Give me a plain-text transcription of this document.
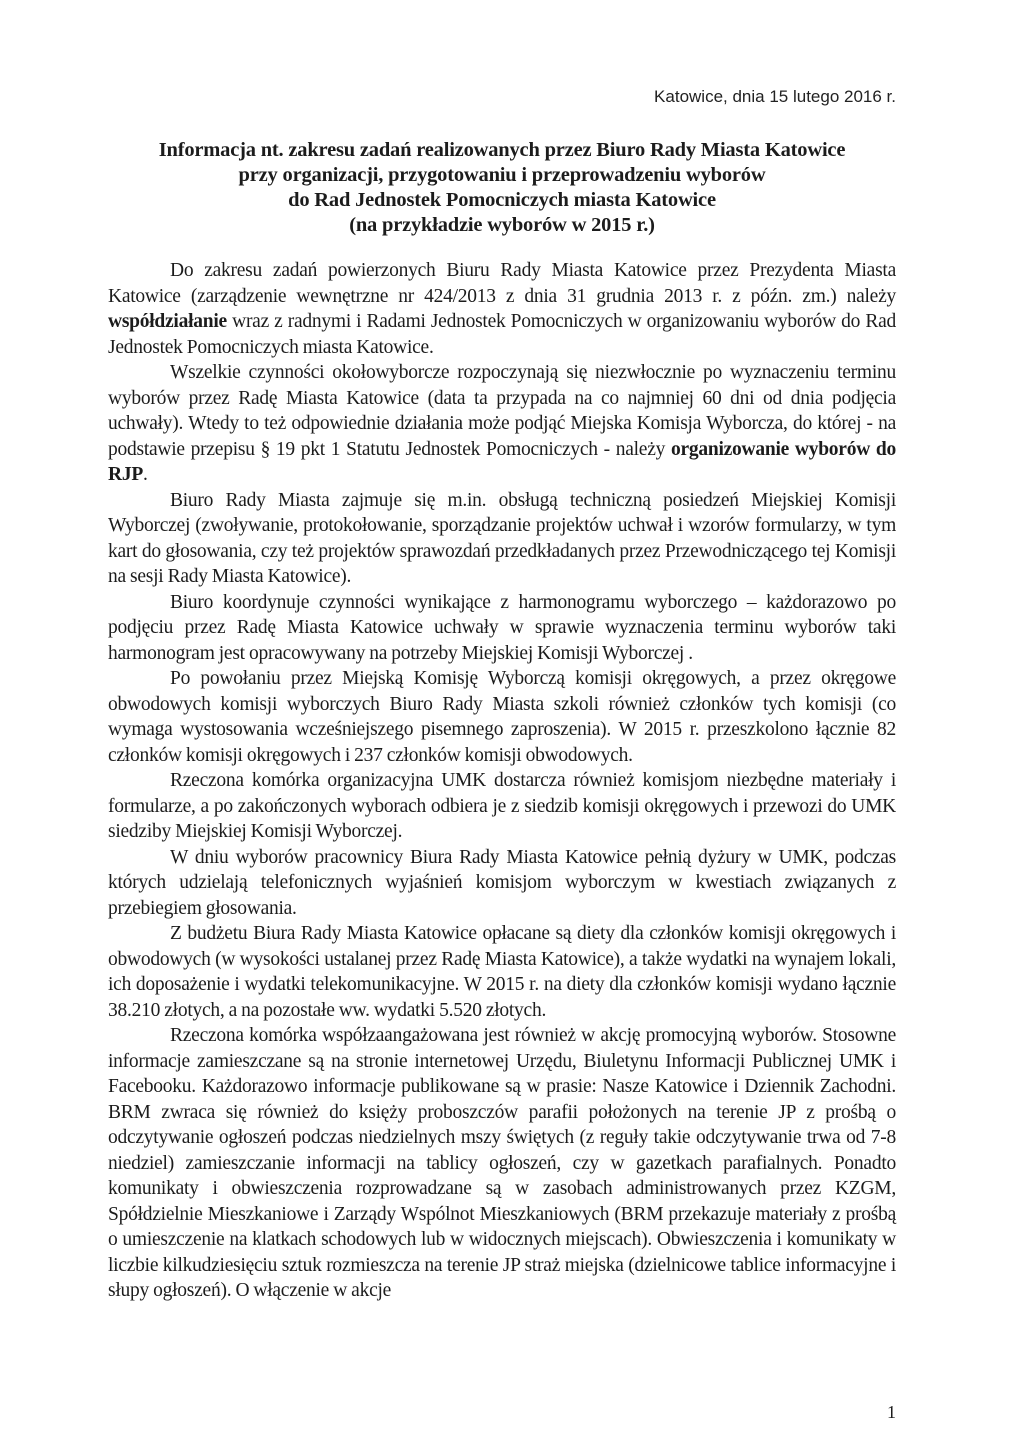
Katowice, dnia 15 lutego 2016 r.
Informacja nt. zakresu zadań realizowanych przez Biuro Rady Miasta Katowice
przy organizacji, przygotowaniu i przeprowadzeniu wyborów
do Rad Jednostek Pomocniczych miasta Katowice
(na przykładzie wyborów w 2015 r.)

Do zakresu zadań powierzonych Biuru Rady Miasta Katowice przez Prezydenta Miasta Katowice (zarządzenie wewnętrzne nr 424/2013 z dnia 31 grudnia 2013 r. z późn. zm.) należy współdziałanie wraz z radnymi i Radami Jednostek Pomocniczych w organizowaniu wyborów do Rad Jednostek Pomocniczych miasta Katowice.

Wszelkie czynności okołowyborcze rozpoczynają się niezwłocznie po wyznaczeniu terminu wyborów przez Radę Miasta Katowice (data ta przypada na co najmniej 60 dni od dnia podjęcia uchwały). Wtedy to też odpowiednie działania może podjąć Miejska Komisja Wyborcza, do której - na podstawie przepisu § 19 pkt 1 Statutu Jednostek Pomocniczych - należy organizowanie wyborów do RJP.

Biuro Rady Miasta zajmuje się m.in. obsługą techniczną posiedzeń Miejskiej Komisji Wyborczej (zwoływanie, protokołowanie, sporządzanie projektów uchwał i wzorów formularzy, w tym kart do głosowania, czy też projektów sprawozdań przedkładanych przez Przewodniczącego tej Komisji na sesji Rady Miasta Katowice).

Biuro koordynuje czynności wynikające z harmonogramu wyborczego – każdorazowo po podjęciu przez Radę Miasta Katowice uchwały w sprawie wyznaczenia terminu wyborów taki harmonogram jest opracowywany na potrzeby Miejskiej Komisji Wyborczej .

Po powołaniu przez Miejską Komisję Wyborczą komisji okręgowych, a przez okręgowe obwodowych komisji wyborczych Biuro Rady Miasta szkoli również członków tych komisji (co wymaga wystosowania wcześniejszego pisemnego zaproszenia). W 2015 r. przeszkolono łącznie 82 członków komisji okręgowych i 237 członków komisji obwodowych.

Rzeczona komórka organizacyjna UMK dostarcza również komisjom niezbędne materiały i formularze, a po zakończonych wyborach odbiera je z siedzib komisji okręgowych i przewozi do UMK siedziby Miejskiej Komisji Wyborczej.

W dniu wyborów pracownicy Biura Rady Miasta Katowice pełnią dyżury w UMK, podczas których udzielają telefonicznych wyjaśnień komisjom wyborczym w kwestiach związanych z przebiegiem głosowania.

Z budżetu Biura Rady Miasta Katowice opłacane są diety dla członków komisji okręgowych i obwodowych (w wysokości ustalanej przez Radę Miasta Katowice), a także wydatki na wynajem lokali, ich doposażenie i wydatki telekomunikacyjne. W 2015 r. na diety dla członków komisji wydano łącznie 38.210 złotych, a na pozostałe ww. wydatki 5.520 złotych.

Rzeczona komórka współzaangażowana jest również w akcję promocyjną wyborów. Stosowne informacje zamieszczane są na stronie internetowej Urzędu, Biuletynu Informacji Publicznej UMK i Facebooku. Każdorazowo informacje publikowane są w prasie: Nasze Katowice i Dziennik Zachodni. BRM zwraca się również do księży proboszczów parafii położonych na terenie JP z prośbą o odczytywanie ogłoszeń podczas niedzielnych mszy świętych (z reguły takie odczytywanie trwa od 7-8 niedziel) zamieszczanie informacji na tablicy ogłoszeń, czy w gazetkach parafialnych. Ponadto komunikaty i obwieszczenia rozprowadzane są w zasobach administrowanych przez KZGM, Spółdzielnie Mieszkaniowe i Zarządy Wspólnot Mieszkaniowych (BRM przekazuje materiały z prośbą o umieszczenie na klatkach schodowych lub w widocznych miejscach). Obwieszczenia i komunikaty w liczbie kilkudziesięciu sztuk rozmieszcza na terenie JP straż miejska (dzielnicowe tablice informacyjne i słupy ogłoszeń). O włączenie w akcje

1
